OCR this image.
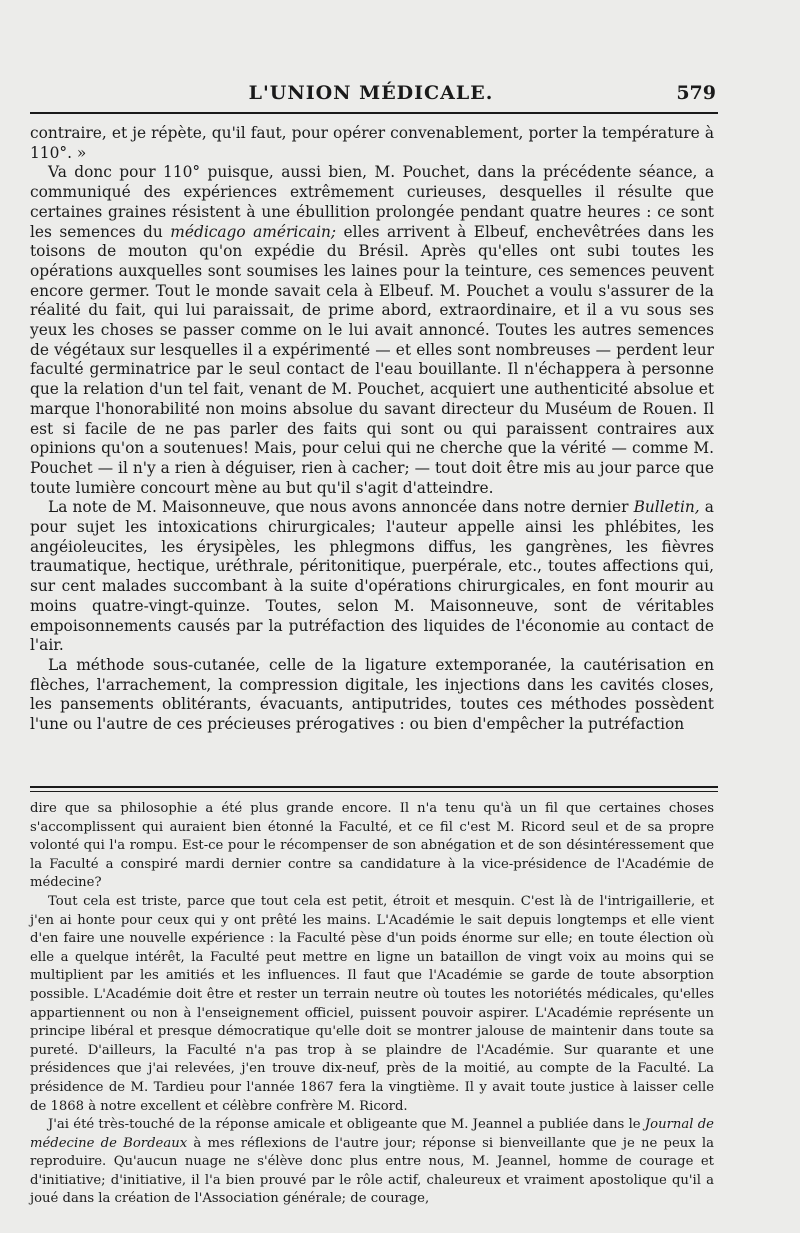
L'UNION MÉDICALE.	579

contraire, et je répète, qu'il faut, pour opérer convenablement, porter la température à 110°. »

Va donc pour 110° puisque, aussi bien, M. Pouchet, dans la précédente séance, a communiqué des expériences extrêmement curieuses, desquelles il résulte que certaines graines résistent à une ébullition prolongée pendant quatre heures : ce sont les semences du médicago américain; elles arrivent à Elbeuf, enchevêtrées dans les toisons de mouton qu'on expédie du Brésil. Après qu'elles ont subi toutes les opérations auxquelles sont soumises les laines pour la teinture, ces semences peuvent encore germer. Tout le monde savait cela à Elbeuf. M. Pouchet a voulu s'assurer de la réalité du fait, qui lui paraissait, de prime abord, extraordinaire, et il a vu sous ses yeux les choses se passer comme on le lui avait annoncé. Toutes les autres semences de végétaux sur lesquelles il a expérimenté — et elles sont nombreuses — perdent leur faculté germinatrice par le seul contact de l'eau bouillante. Il n'échappera à personne que la relation d'un tel fait, venant de M. Pouchet, acquiert une authenticité absolue et marque l'honorabilité non moins absolue du savant directeur du Muséum de Rouen. Il est si facile de ne pas parler des faits qui sont ou qui paraissent contraires aux opinions qu'on a soutenues! Mais, pour celui qui ne cherche que la vérité — comme M. Pouchet — il n'y a rien à déguiser, rien à cacher; — tout doit être mis au jour parce que toute lumière concourt mène au but qu'il s'agit d'atteindre.

La note de M. Maisonneuve, que nous avons annoncée dans notre dernier Bulletin, a pour sujet les intoxications chirurgicales; l'auteur appelle ainsi les phlébites, les angéioleucites, les érysipèles, les phlegmons diffus, les gangrènes, les fièvres traumatique, hectique, uréthrale, péritonitique, puerpérale, etc., toutes affections qui, sur cent malades succombant à la suite d'opérations chirurgicales, en font mourir au moins quatre-vingt-quinze. Toutes, selon M. Maisonneuve, sont de véritables empoisonnements causés par la putréfaction des liquides de l'économie au contact de l'air.

La méthode sous-cutanée, celle de la ligature extemporanée, la cautérisation en flèches, l'arrachement, la compression digitale, les injections dans les cavités closes, les pansements oblitérants, évacuants, antiputrides, toutes ces méthodes possèdent l'une ou l'autre de ces précieuses prérogatives : ou bien d'empêcher la putréfaction

dire que sa philosophie a été plus grande encore. Il n'a tenu qu'à un fil que certaines choses s'accomplissent qui auraient bien étonné la Faculté, et ce fil c'est M. Ricord seul et de sa propre volonté qui l'a rompu. Est-ce pour le récompenser de son abnégation et de son désintéressement que la Faculté a conspiré mardi dernier contre sa candidature à la vice-présidence de l'Académie de médecine?

Tout cela est triste, parce que tout cela est petit, étroit et mesquin. C'est là de l'intrigaillerie, et j'en ai honte pour ceux qui y ont prêté les mains. L'Académie le sait depuis longtemps et elle vient d'en faire une nouvelle expérience : la Faculté pèse d'un poids énorme sur elle; en toute élection où elle a quelque intérêt, la Faculté peut mettre en ligne un bataillon de vingt voix au moins qui se multiplient par les amitiés et les influences. Il faut que l'Académie se garde de toute absorption possible. L'Académie doit être et rester un terrain neutre où toutes les notoriétés médicales, qu'elles appartiennent ou non à l'enseignement officiel, puissent pouvoir aspirer. L'Académie représente un principe libéral et presque démocratique qu'elle doit se montrer jalouse de maintenir dans toute sa pureté. D'ailleurs, la Faculté n'a pas trop à se plaindre de l'Académie. Sur quarante et une présidences que j'ai relevées, j'en trouve dix-neuf, près de la moitié, au compte de la Faculté. La présidence de M. Tardieu pour l'année 1867 fera la vingtième. Il y avait toute justice à laisser celle de 1868 à notre excellent et célèbre confrère M. Ricord.

J'ai été très-touché de la réponse amicale et obligeante que M. Jeannel a publiée dans le Journal de médecine de Bordeaux à mes réflexions de l'autre jour; réponse si bienveillante que je ne peux la reproduire. Qu'aucun nuage ne s'élève donc plus entre nous, M. Jeannel, homme de courage et d'initiative; d'initiative, il l'a bien prouvé par le rôle actif, chaleureux et vraiment apostolique qu'il a joué dans la création de l'Association générale; de courage,
